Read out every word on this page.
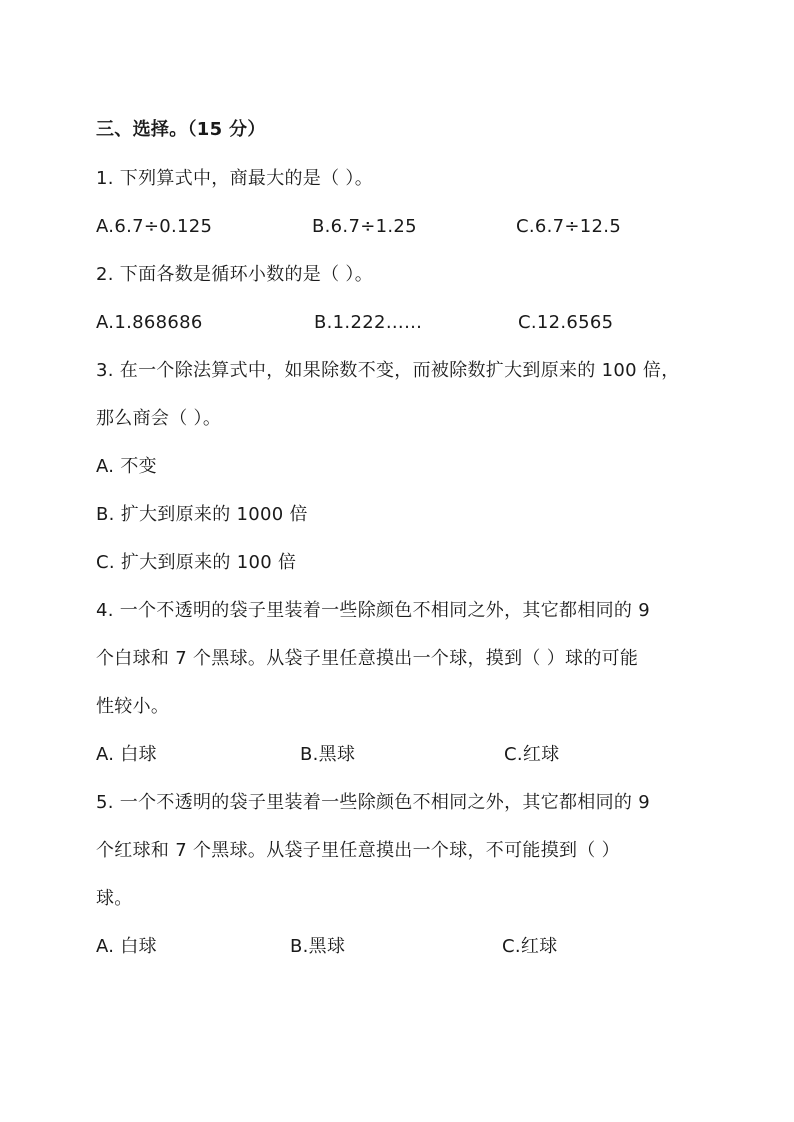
三、选择。（15 分）
1. 下列算式中，商最大的是（ ）。
A.6.7÷0.125	B.6.7÷1.25	C.6.7÷12.5
2. 下面各数是循环小数的是（ ）。
A.1.868686	B.1.222……	C.12.6565
3. 在一个除法算式中，如果除数不变，而被除数扩大到原来的 100 倍，
那么商会（ ）。
A. 不变
B. 扩大到原来的 1000 倍
C. 扩大到原来的 100 倍
4. 一个不透明的袋子里装着一些除颜色不相同之外，其它都相同的 9
个白球和 7 个黑球。从袋子里任意摸出一个球，摸到（ ）球的可能
性较小。
A. 白球	B.黑球	C.红球
5. 一个不透明的袋子里装着一些除颜色不相同之外，其它都相同的 9
个红球和 7 个黑球。从袋子里任意摸出一个球，不可能摸到（ ）
球。
A. 白球	B.黑球	C.红球
